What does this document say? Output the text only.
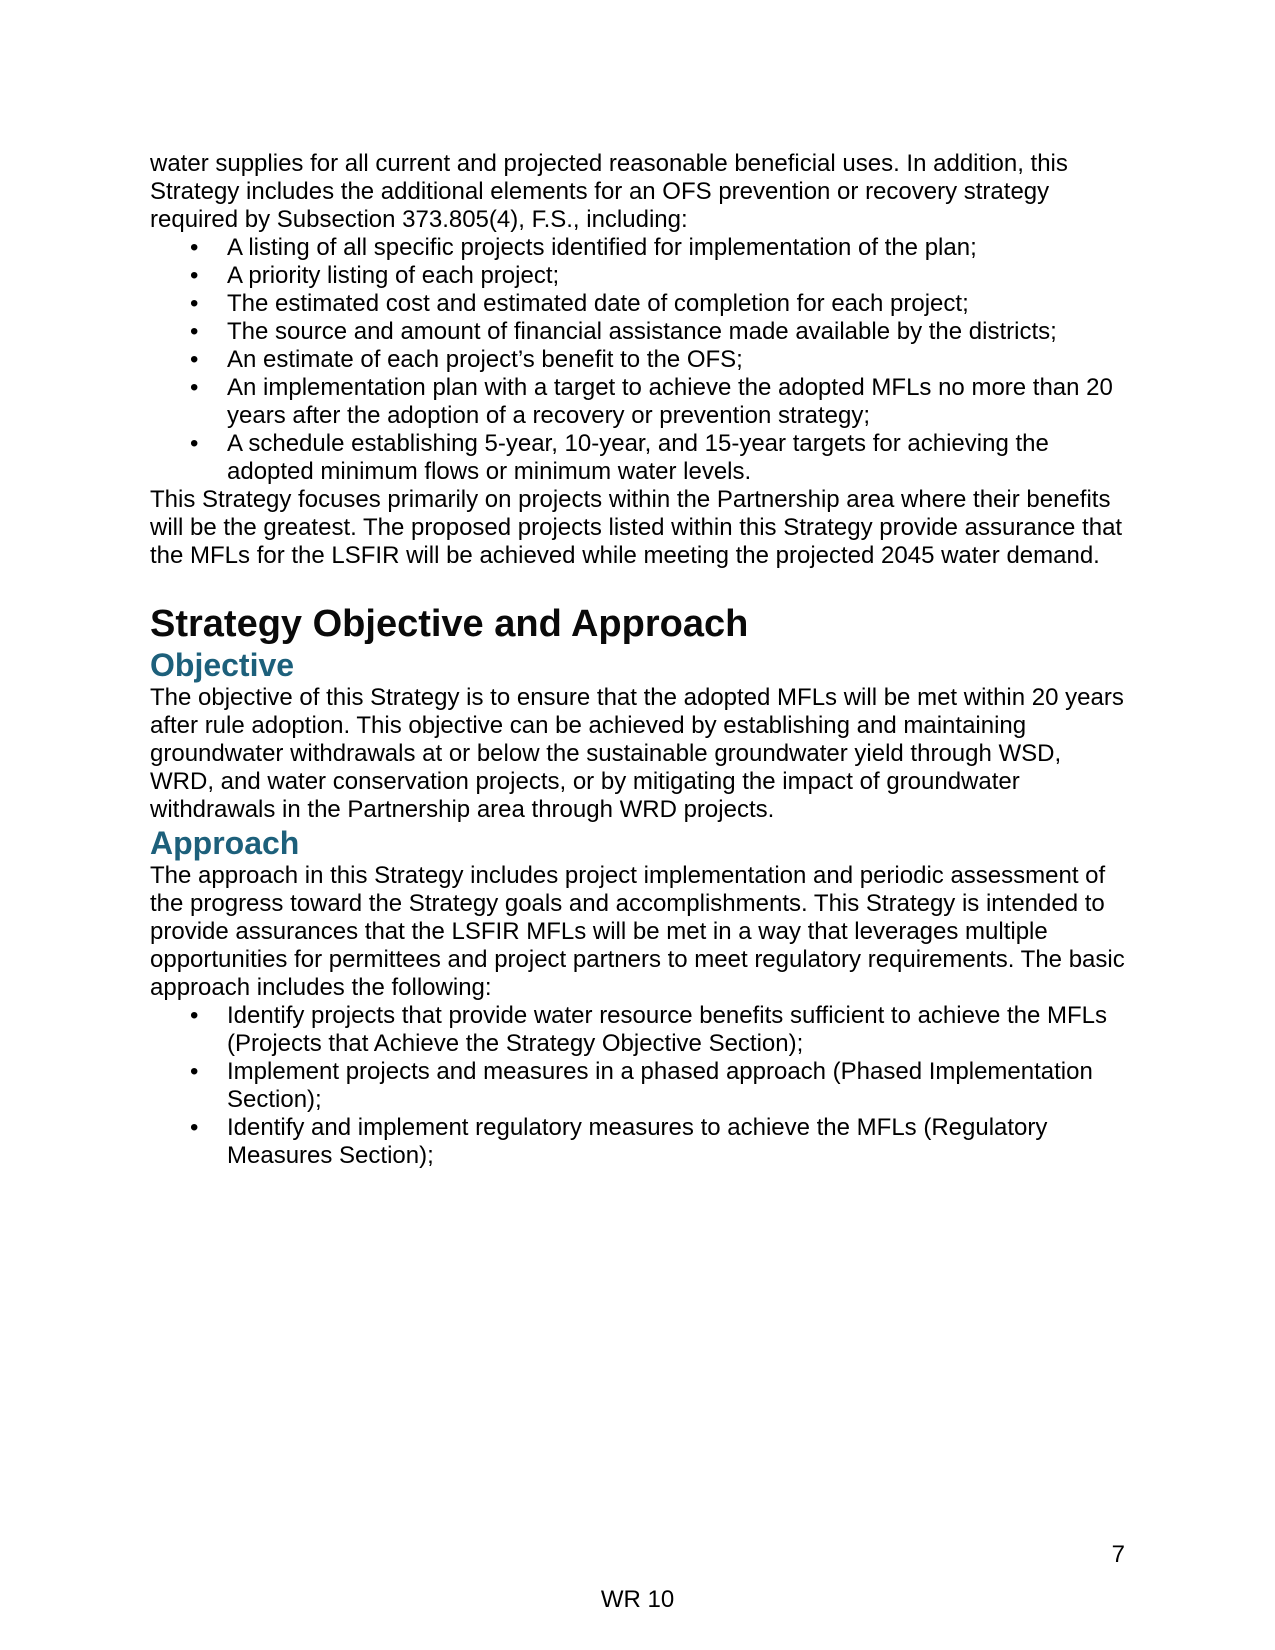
water supplies for all current and projected reasonable beneficial uses. In addition, this Strategy includes the additional elements for an OFS prevention or recovery strategy required by Subsection 373.805(4), F.S., including:

• A listing of all specific projects identified for implementation of the plan;
• A priority listing of each project;
• The estimated cost and estimated date of completion for each project;
• The source and amount of financial assistance made available by the districts;
• An estimate of each project’s benefit to the OFS;
• An implementation plan with a target to achieve the adopted MFLs no more than 20 years after the adoption of a recovery or prevention strategy;
• A schedule establishing 5-year, 10-year, and 15-year targets for achieving the adopted minimum flows or minimum water levels.

This Strategy focuses primarily on projects within the Partnership area where their benefits will be the greatest. The proposed projects listed within this Strategy provide assurance that the MFLs for the LSFIR will be achieved while meeting the projected 2045 water demand.

Strategy Objective and Approach
Objective

The objective of this Strategy is to ensure that the adopted MFLs will be met within 20 years after rule adoption. This objective can be achieved by establishing and maintaining groundwater withdrawals at or below the sustainable groundwater yield through WSD, WRD, and water conservation projects, or by mitigating the impact of groundwater withdrawals in the Partnership area through WRD projects.

Approach

The approach in this Strategy includes project implementation and periodic assessment of the progress toward the Strategy goals and accomplishments. This Strategy is intended to provide assurances that the LSFIR MFLs will be met in a way that leverages multiple opportunities for permittees and project partners to meet regulatory requirements. The basic approach includes the following:

• Identify projects that provide water resource benefits sufficient to achieve the MFLs (Projects that Achieve the Strategy Objective Section);
• Implement projects and measures in a phased approach (Phased Implementation Section);
• Identify and implement regulatory measures to achieve the MFLs (Regulatory Measures Section);
7
WR 10
